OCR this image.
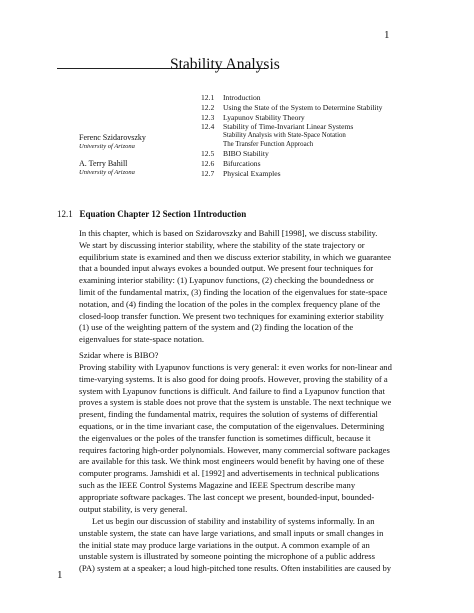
1
Stability Analysis
12.1	Introduction
12.2	Using the State of the System to Determine Stability
12.3	Lyapunov Stability Theory
12.4	Stability of Time-Invariant Linear Systems
Stability Analysis with State-Space Notation
The Transfer Function Approach
12.5	BIBO Stability
12.6	Bifurcations
12.7	Physical Examples
Ferenc Szidarovszky
University of Arizona
A. Terry Bahill
University of Arizona
12.1 Equation Chapter 12 Section 1Introduction
In this chapter, which is based on Szidarovszky and Bahill [1998], we discuss stability.
We start by discussing interior stability, where the stability of the state trajectory or
equilibrium state is examined and then we discuss exterior stability, in which we guarantee
that a bounded input always evokes a bounded output. We present four techniques for
examining interior stability: (1) Lyapunov functions, (2) checking the boundedness or
limit of the fundamental matrix, (3) finding the location of the eigenvalues for state-space
notation, and (4) finding the location of the poles in the complex frequency plane of the
closed-loop transfer function. We present two techniques for examining exterior stability
(1) use of the weighting pattern of the system and (2) finding the location of the
eigenvalues for state-space notation.
Szidar where is BIBO?
Proving stability with Lyapunov functions is very general: it even works for non-linear and
time-varying systems. It is also good for doing proofs. However, proving the stability of a
system with Lyapunov functions is difficult. And failure to find a Lyapunov function that
proves a system is stable does not prove that the system is unstable. The next technique we
present, finding the fundamental matrix, requires the solution of systems of differential
equations, or in the time invariant case, the computation of the eigenvalues. Determining
the eigenvalues or the poles of the transfer function is sometimes difficult, because it
requires factoring high-order polynomials. However, many commercial software packages
are available for this task. We think most engineers would benefit by having one of these
computer programs. Jamshidi et al. [1992] and advertisements in technical publications
such as the IEEE Control Systems Magazine and IEEE Spectrum describe many
appropriate software packages. The last concept we present, bounded-input, bounded-
output stability, is very general.
Let us begin our discussion of stability and instability of systems informally. In an
unstable system, the state can have large variations, and small inputs or small changes in
the initial state may produce large variations in the output. A common example of an
unstable system is illustrated by someone pointing the microphone of a public address
(PA) system at a speaker; a loud high-pitched tone results. Often instabilities are caused by
1
